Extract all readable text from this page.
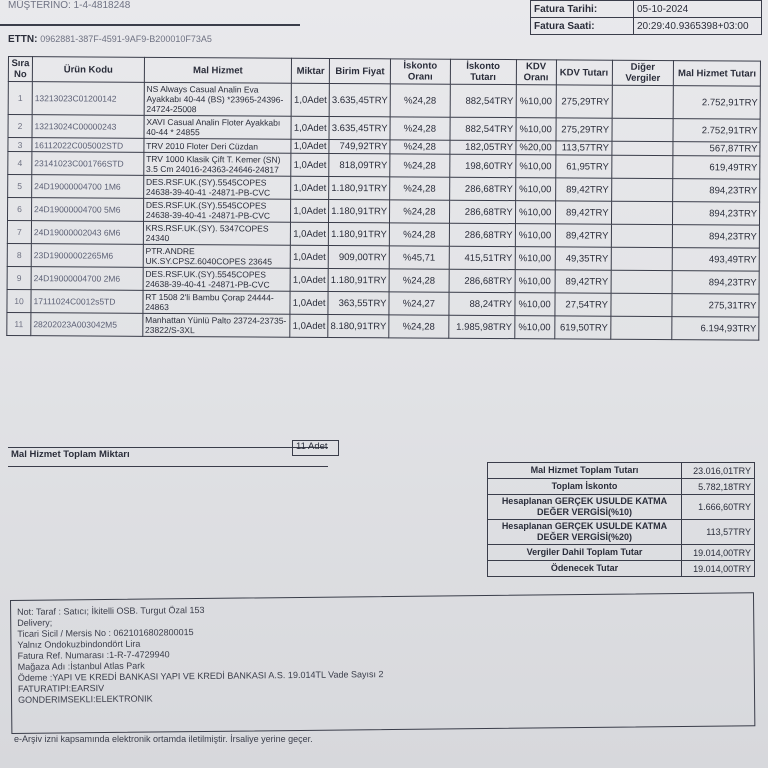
MÜŞTERİNO: 1-4-4818248
ETTN: 0962881-387F-4591-9AF9-B200010F73A5
Fatura Tarihi:	05-10-2024
Fatura Saati:	20:29:40.9365398+03:00
Sıra No	Ürün Kodu	Mal Hizmet	Miktar	Birim Fiyat	İskonto Oranı	İskonto Tutarı	KDV Oranı	KDV Tutarı	Diğer Vergiler	Mal Hizmet Tutarı
1	13213023C01200142	NS Always Casual Analin Eva Ayakkabı 40-44 (BS) *23965-24396-24724-25008	1,0Adet	3.635,45TRY	%24,28	882,54TRY	%10,00	275,29TRY		2.752,91TRY
2	13213024C00000243	XAVI Casual Analin Floter Ayakkabı 40-44 * 24855	1,0Adet	3.635,45TRY	%24,28	882,54TRY	%10,00	275,29TRY		2.752,91TRY
3	16112022C005002STD	TRV 2010 Floter Deri Cüzdan	1,0Adet	749,92TRY	%24,28	182,05TRY	%20,00	113,57TRY		567,87TRY
4	23141023C001766STD	TRV 1000 Klasik Çift T. Kemer (SN) 3.5 Cm 24016-24363-24646-24817	1,0Adet	818,09TRY	%24,28	198,60TRY	%10,00	61,95TRY		619,49TRY
5	24D19000004700 1M6	DES.RSF.UK.(SY).5545COPES 24638-39-40-41 -24871-PB-CVC	1,0Adet	1.180,91TRY	%24,28	286,68TRY	%10,00	89,42TRY		894,23TRY
6	24D19000004700 5M6	DES.RSF.UK.(SY).5545COPES 24638-39-40-41 -24871-PB-CVC	1,0Adet	1.180,91TRY	%24,28	286,68TRY	%10,00	89,42TRY		894,23TRY
7	24D19000002043 6M6	KRS.RSF.UK.(SY). 5347COPES 24340	1,0Adet	1.180,91TRY	%24,28	286,68TRY	%10,00	89,42TRY		894,23TRY
8	23D19000002265M6	PTR.ANDRE UK.SY.CPSZ.6040COPES 23645	1,0Adet	909,00TRY	%45,71	415,51TRY	%10,00	49,35TRY		493,49TRY
9	24D19000004700 2M6	DES.RSF.UK.(SY).5545COPES 24638-39-40-41 -24871-PB-CVC	1,0Adet	1.180,91TRY	%24,28	286,68TRY	%10,00	89,42TRY		894,23TRY
10	17111024C0012s5TD	RT 1508 2'li Bambu Çorap 24444-24863	1,0Adet	363,55TRY	%24,27	88,24TRY	%10,00	27,54TRY		275,31TRY
11	28202023A003042M5	Manhattan Yünlü Palto 23724-23735-23822/S-3XL	1,0Adet	8.180,91TRY	%24,28	1.985,98TRY	%10,00	619,50TRY		6.194,93TRY
Mal Hizmet Toplam Miktarı
11 Adet
Mal Hizmet Toplam Tutarı	23.016,01TRY
Toplam İskonto	5.782,18TRY
Hesaplanan GERÇEK USULDE KATMA DEĞER VERGİSİ(%10)	1.666,60TRY
Hesaplanan GERÇEK USULDE KATMA DEĞER VERGİSİ(%20)	113,57TRY
Vergiler Dahil Toplam Tutar	19.014,00TRY
Ödenecek Tutar	19.014,00TRY
Not: Taraf : Satıcı; İkitelli OSB. Turgut Özal 153
Delivery;
Ticari Sicil / Mersis No : 0621016802800015
Yalnız Ondokuzbindondört Lira
Fatura Ref. Numarası :1-R-7-4729940
Mağaza Adı :İstanbul Atlas Park
Ödeme :YAPI VE KREDİ BANKASI YAPI VE KREDİ BANKASI A.S. 19.014TL Vade Sayısı 2
FATURATIPI:EARSIV
GONDERIMSEKLI:ELEKTRONIK
e-Arşiv izni kapsamında elektronik ortamda iletilmiştir. İrsaliye yerine geçer.
